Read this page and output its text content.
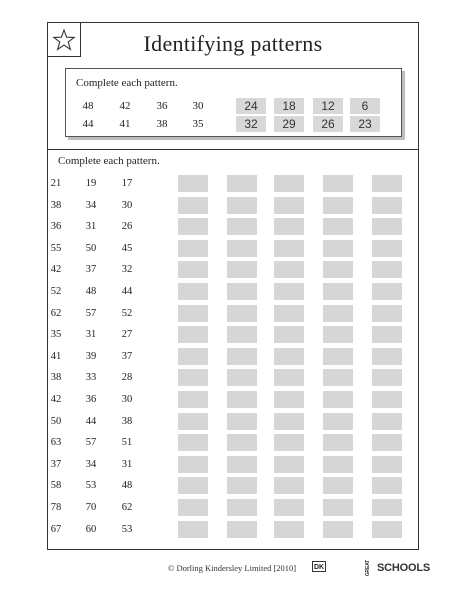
Identifying patterns
Complete each pattern.
48	42	36	30	24	18	12	6
44	41	38	35	32	29	26	23
Complete each pattern.
21	19	17
38	34	30
36	31	26
55	50	45
42	37	32
52	48	44
62	57	52
35	31	27
41	39	37
38	33	28
42	36	30
50	44	38
63	57	51
37	34	31
58	53	48
78	70	62
67	60	53
© Dorling Kindersley Limited [2010]	DK	GREAT SCHOOLS
